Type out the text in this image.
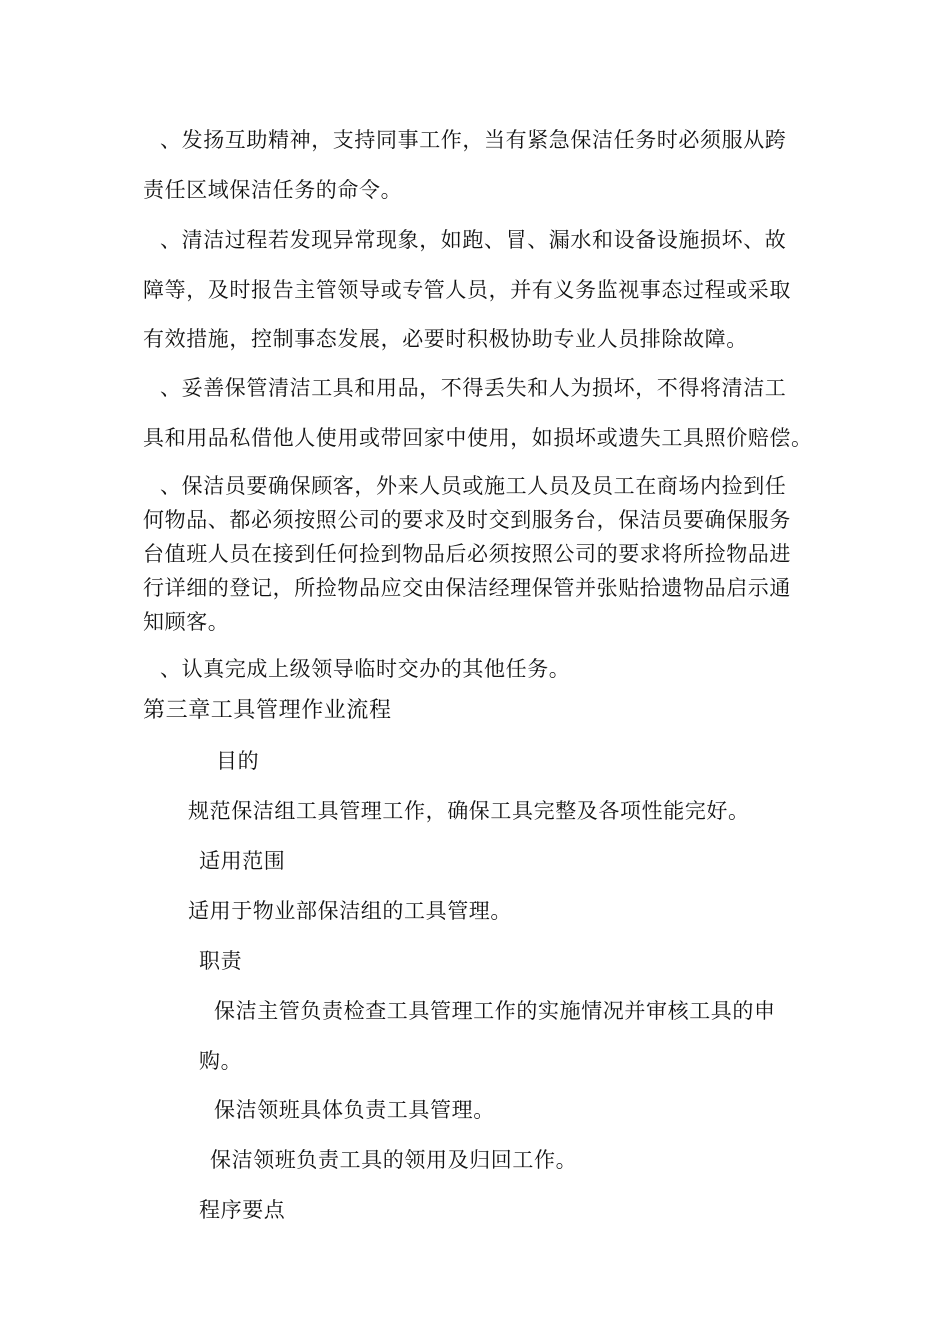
、发扬互助精神，支持同事工作，当有紧急保洁任务时必须服从跨
责任区域保洁任务的命令。
、清洁过程若发现异常现象，如跑、冒、漏水和设备设施损坏、故
障等，及时报告主管领导或专管人员，并有义务监视事态过程或采取
有效措施，控制事态发展，必要时积极协助专业人员排除故障。
、妥善保管清洁工具和用品，不得丢失和人为损坏，不得将清洁工
具和用品私借他人使用或带回家中使用，如损坏或遗失工具照价赔偿。
、保洁员要确保顾客，外来人员或施工人员及员工在商场内捡到任
何物品、都必须按照公司的要求及时交到服务台，保洁员要确保服务
台值班人员在接到任何捡到物品后必须按照公司的要求将所捡物品进
行详细的登记，所捡物品应交由保洁经理保管并张贴拾遗物品启示通
知顾客。
、认真完成上级领导临时交办的其他任务。
第三章工具管理作业流程
目的
规范保洁组工具管理工作，确保工具完整及各项性能完好。
适用范围
适用于物业部保洁组的工具管理。
职责
保洁主管负责检查工具管理工作的实施情况并审核工具的申
购。
保洁领班具体负责工具管理。
保洁领班负责工具的领用及归回工作。
程序要点
